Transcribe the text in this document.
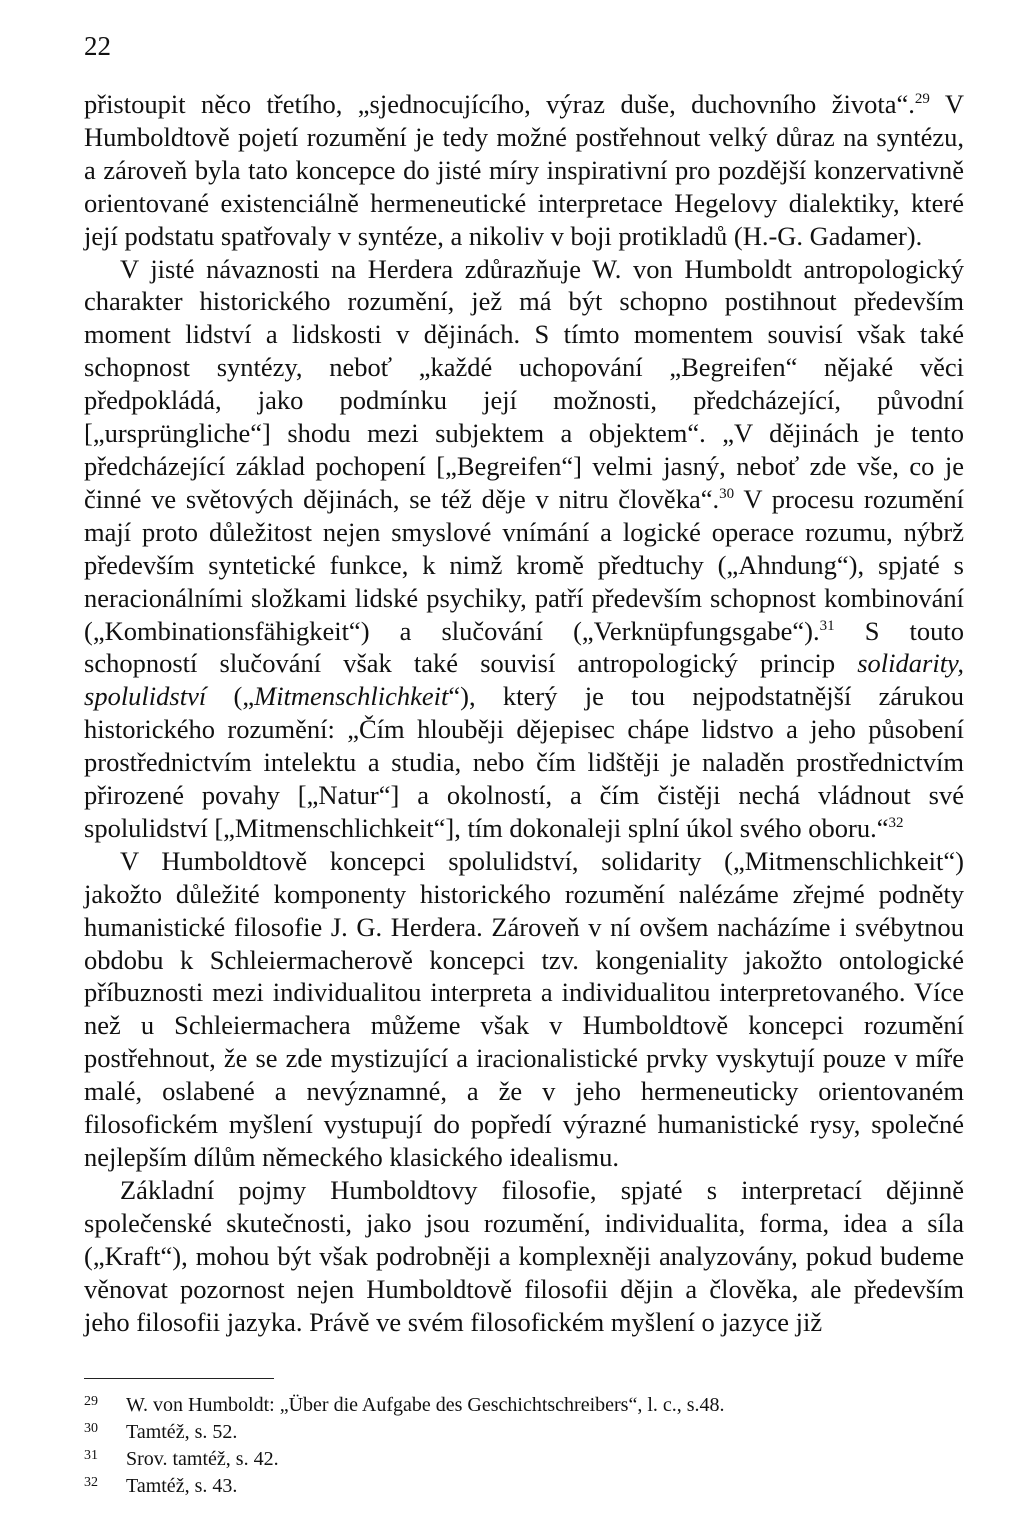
22

přistoupit něco třetího, „sjednocujícího, výraz duše, duchovního života“.$^{29}$ V Humboldtově pojetí rozumění je tedy možné postřehnout velký důraz na syntézu, a zároveň byla tato koncepce do jisté míry inspirativní pro pozdější konzervativně orientované existenciálně hermeneutické interpretace Hegelovy dialektiky, které její podstatu spatřovaly v syntéze, a nikoliv v boji protikladů (H.-G. Gadamer).

V jisté návaznosti na Herdera zdůrazňuje W. von Humboldt antropologický charakter historického rozumění, jež má být schopno postihnout především moment lidství a lidskosti v dějinách. S tímto momentem souvisí však také schopnost syntézy, neboť „každé uchopování „Begreifen“ nějaké věci předpokládá, jako podmínku její možnosti, předcházející, původní [„ursprüngliche“] shodu mezi subjektem a objektem“. „V dějinách je tento předcházející základ pochopení [„Begreifen“] velmi jasný, neboť zde vše, co je činné ve světových dějinách, se též děje v nitru člověka“.$^{30}$ V procesu rozumění mají proto důležitost nejen smyslové vnímání a logické operace rozumu, nýbrž především syntetické funkce, k nimž kromě předtuchy („Ahndung“), spjaté s neracionálními složkami lidské psychiky, patří především schopnost kombinování („Kombinationsfähigkeit“) a slučování („Verknüpfungsgabe“).$^{31}$ S touto schopností slučování však také souvisí antropologický princip solidarity, spolulidství („Mitmenschlichkeit“), který je tou nejpodstatnější zárukou historického rozumění: „Čím hlouběji dějepisec chápe lidstvo a jeho působení prostřednictvím intelektu a studia, nebo čím lidštěji je naladěn prostřednictvím přirozené povahy [„Natur“] a okolností, a čím čistěji nechá vládnout své spolulidství [„Mitmenschlichkeit“], tím dokonaleji splní úkol svého oboru.“$^{32}$

V Humboldtově koncepci spolulidství, solidarity („Mitmenschlichkeit“) jakožto důležité komponenty historického rozumění nalézáme zřejmé podněty humanistické filosofie J. G. Herdera. Zároveň v ní ovšem nacházíme i svébytnou obdobu k Schleiermacherově koncepci tzv. kongeniality jakožto ontologické příbuznosti mezi individualitou interpreta a individualitou interpretovaného. Více než u Schleiermachera můžeme však v Humboldtově koncepci rozumění postřehnout, že se zde mystizující a iracionalistické prvky vyskytují pouze v míře malé, oslabené a nevýznamné, a že v jeho hermeneuticky orientovaném filosofickém myšlení vystupují do popředí výrazné humanistické rysy, společné nejlepším dílům německého klasického idealismu.

Základní pojmy Humboldtovy filosofie, spjaté s interpretací dějinně společenské skutečnosti, jako jsou rozumění, individualita, forma, idea a síla („Kraft“), mohou být však podrobněji a komplexněji analyzovány, pokud budeme věnovat pozornost nejen Humboldtově filosofii dějin a člověka, ale především jeho filosofii jazyka. Právě ve svém filosofickém myšlení o jazyce již

29 W. von Humboldt: „Über die Aufgabe des Geschichtschreibers“, l. c., s.48.
30 Tamtéž, s. 52.
31 Srov. tamtéž, s. 42.
32 Tamtéž, s. 43.
